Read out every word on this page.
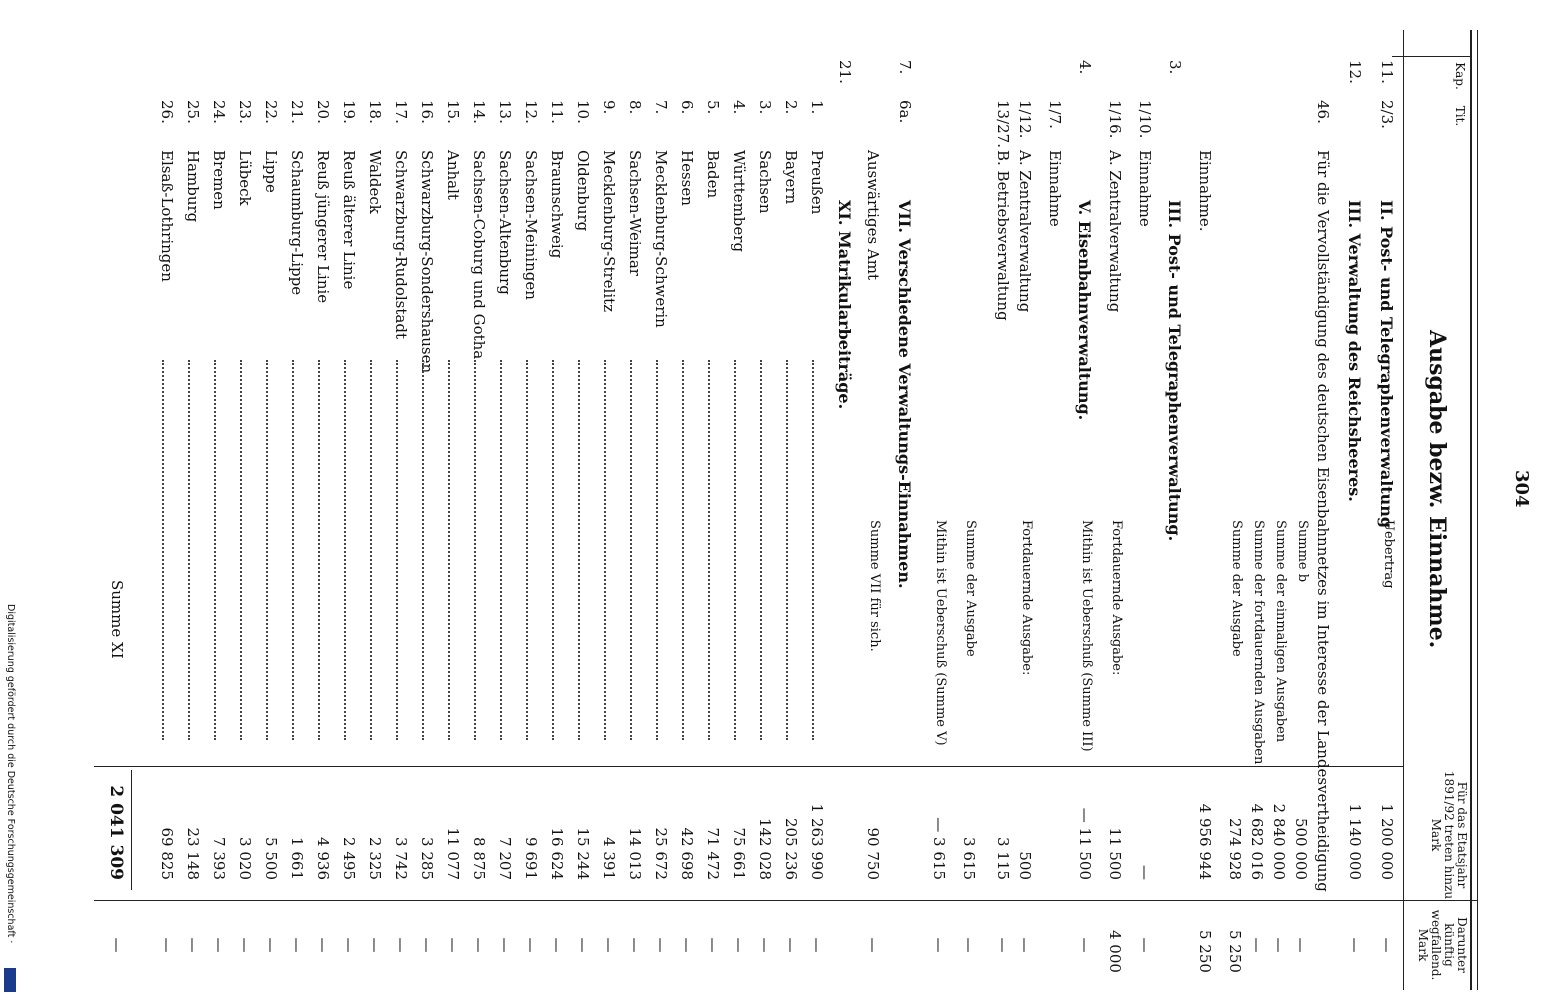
Digitalisierung gefördert durch die Deutsche Forschungsgemeinschaft ·
304
Kap.
Tit.
Ausgabe bezw. Einnahme.
Für das Etatsjahr 1891/92 treten hinzu Mark
Darunter künftig wegfallend. Mark
11.
2/3.
II. Post- und Telegraphenverwaltung
Uebertrag
1 200 000
—
12.
III. Verwaltung des Reichsheeres.
1 140 000
—
46.
Für die Vervollständigung des deutschen Eisenbahnnetzes im Interesse der Landesvertheidigung
Summe b
500 000
—
Summe der einmaligen Ausgaben
2 840 000
—
Summe der fortdauernden Ausgaben
4 682 016
—
Summe der Ausgabe
274 928
5 250
Einnahme.
4 956 944
5 250
3.
III. Post- und Telegraphenverwaltung.
1/10.
Einnahme
—
—
1/16.
A. Zentralverwaltung
Fortdauernde Ausgabe:
11 500
4 000
4.
V. Eisenbahnverwaltung.
Mithin ist Ueberschuß (Summe III)
— 11 500
—
1/7.
Einnahme
1/12.
A. Zentralverwaltung
Fortdauernde Ausgabe:
500
—
13/27.
B. Betriebsverwaltung
3 115
—
Summe der Ausgabe
3 615
—
Mithin ist Ueberschuß (Summe V)
— 3 615
—
7.
6a.
VII. Verschiedene Verwaltungs-Einnahmen.
Auswärtiges Amt
Summe VII für sich.
90 750
—
21.
XI. Matrikularbeiträge.
1.
Preußen
1 263 990
—
2.
Bayern
205 236
—
3.
Sachsen
142 028
—
4.
Württemberg
75 661
—
5.
Baden
71 472
—
6.
Hessen
42 698
—
7.
Mecklenburg-Schwerin
25 672
—
8.
Sachsen-Weimar
14 013
—
9.
Mecklenburg-Strelitz
4 391
—
10.
Oldenburg
15 244
—
11.
Braunschweig
16 624
—
12.
Sachsen-Meiningen
9 691
—
13.
Sachsen-Altenburg
7 207
—
14.
Sachsen-Coburg und Gotha
8 875
—
15.
Anhalt
11 077
—
16.
Schwarzburg-Sondershausen
3 285
—
17.
Schwarzburg-Rudolstadt
3 742
—
18.
Waldeck
2 325
—
19.
Reuß älterer Linie
2 495
—
20.
Reuß jüngerer Linie
4 936
—
21.
Schaumburg-Lippe
1 661
—
22.
Lippe
5 500
—
23.
Lübeck
3 020
—
24.
Bremen
7 393
—
25.
Hamburg
23 148
—
26.
Elsaß-Lothringen
69 825
—
Summe XI
2 041 309
—
